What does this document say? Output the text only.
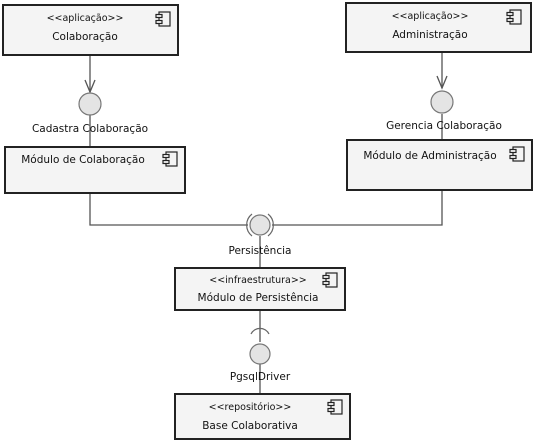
Cadastra Colaboração	Gerencia Colaboração
Persistência
PgsqlDriver
<<aplicação>>
Colaboração
<<aplicação>>
Administração
Módulo de Colaboração	Módulo de Administração
<<infraestrutura>>
Módulo de Persistência
<<repositório>>
Base Colaborativa
